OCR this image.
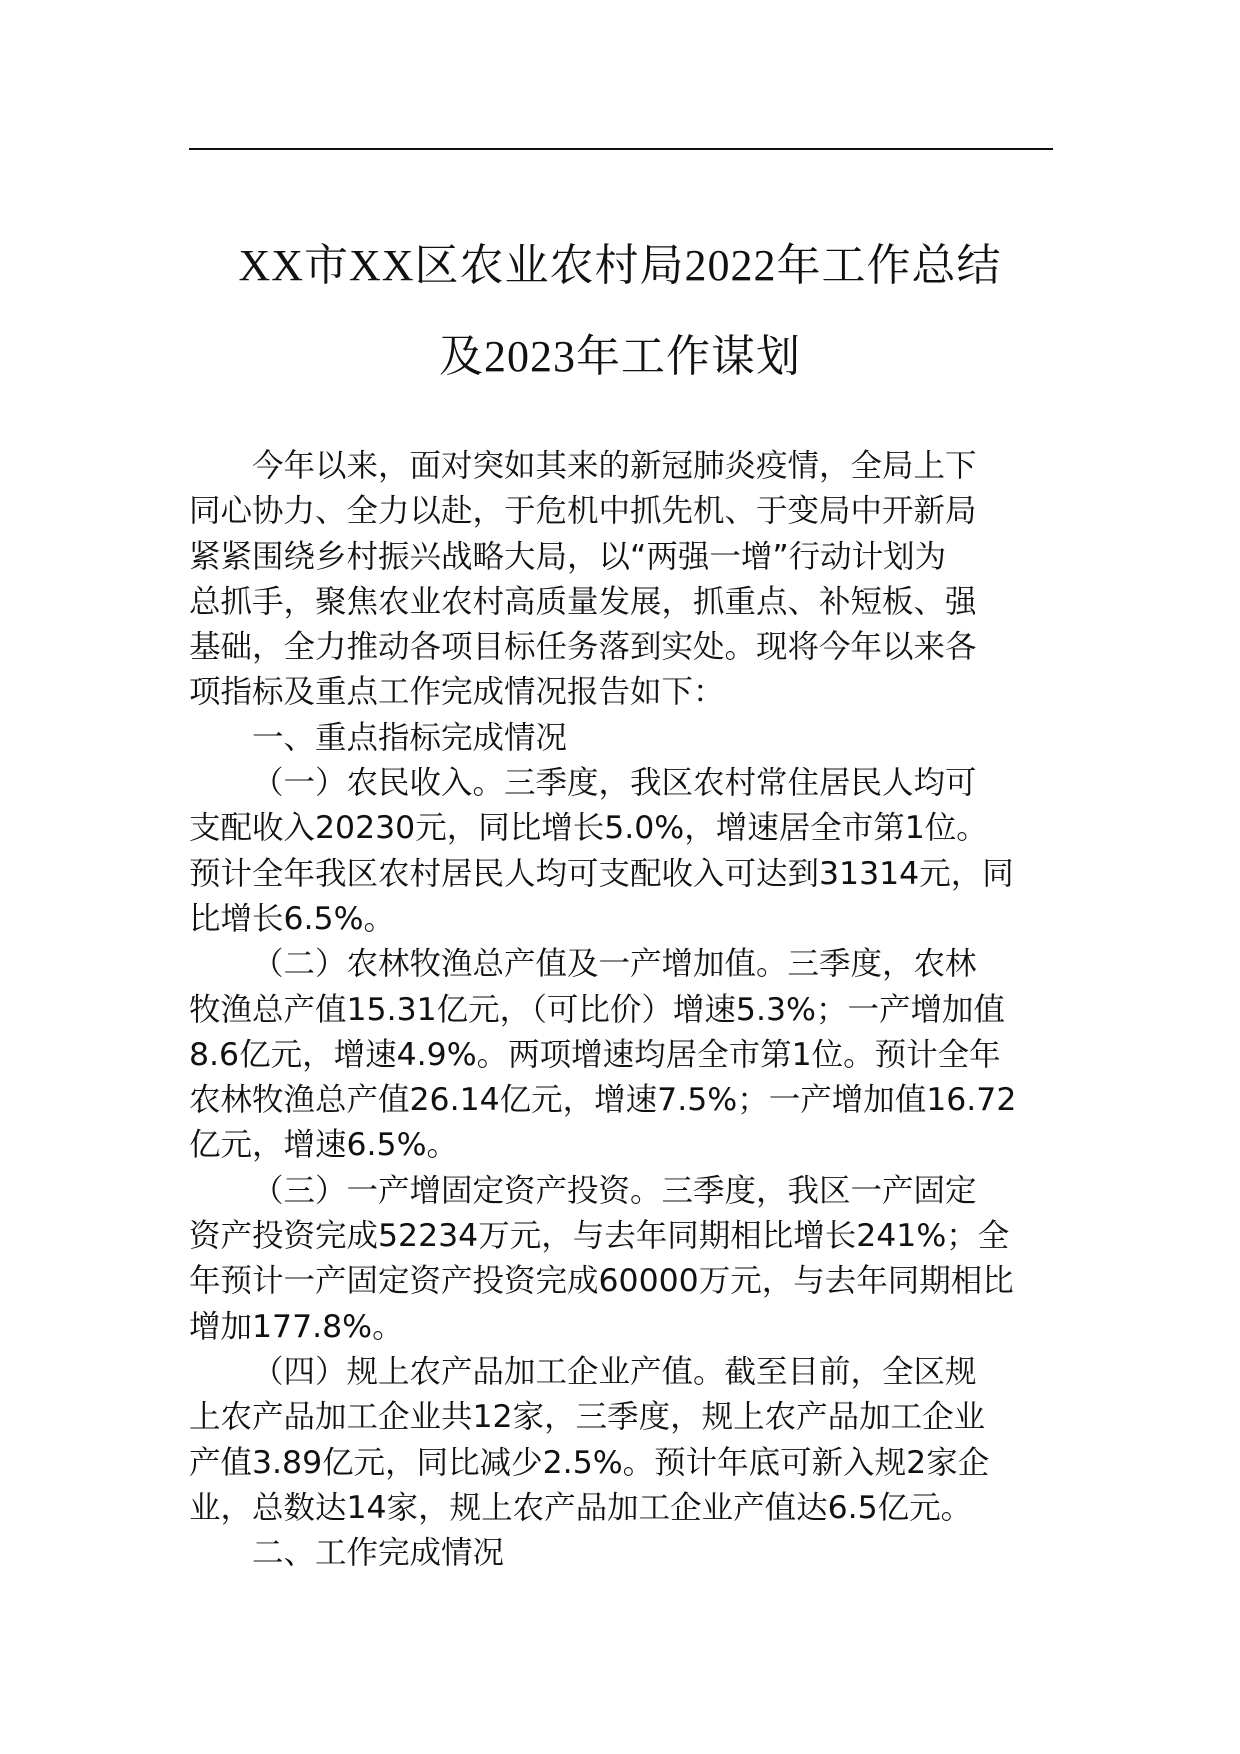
XX市XX区农业农村局2022年工作总结
及2023年工作谋划
今年以来，面对突如其来的新冠肺炎疫情，全局上下
同心协力、全力以赴，于危机中抓先机、于变局中开新局
紧紧围绕乡村振兴战略大局，以“两强一增”行动计划为
总抓手，聚焦农业农村高质量发展，抓重点、补短板、强
基础，全力推动各项目标任务落到实处。现将今年以来各
项指标及重点工作完成情况报告如下：
一、重点指标完成情况
（一）农民收入。三季度，我区农村常住居民人均可
支配收入20230元，同比增长5.0%，增速居全市第1位。
预计全年我区农村居民人均可支配收入可达到31314元，同
比增长6.5%。
（二）农林牧渔总产值及一产增加值。三季度，农林
牧渔总产值15.31亿元，（可比价）增速5.3%；一产增加值
8.6亿元，增速4.9%。两项增速均居全市第1位。预计全年
农林牧渔总产值26.14亿元，增速7.5%；一产增加值16.72
亿元，增速6.5%。
（三）一产增固定资产投资。三季度，我区一产固定
资产投资完成52234万元，与去年同期相比增长241%；全
年预计一产固定资产投资完成60000万元，与去年同期相比
增加177.8%。
（四）规上农产品加工企业产值。截至目前，全区规
上农产品加工企业共12家，三季度，规上农产品加工企业
产值3.89亿元，同比减少2.5%。预计年底可新入规2家企
业，总数达14家，规上农产品加工企业产值达6.5亿元。
二、工作完成情况
